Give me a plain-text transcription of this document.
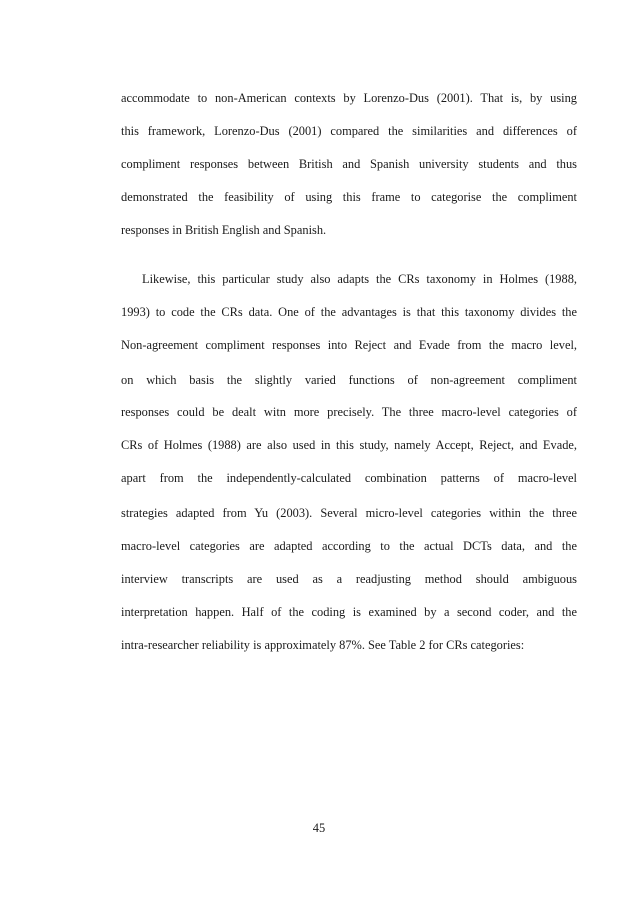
accommodate to non-American contexts by Lorenzo-Dus (2001). That is, by using
this framework, Lorenzo-Dus (2001) compared the similarities and differences of
compliment responses between British and Spanish university students and thus
demonstrated the feasibility of using this frame to categorise the compliment
responses in British English and Spanish.
Likewise, this particular study also adapts the CRs taxonomy in Holmes (1988,
1993) to code the CRs data. One of the advantages is that this taxonomy divides the
Non-agreement compliment responses into Reject and Evade from the macro level,
on which basis the slightly varied functions of non-agreement compliment
responses could be dealt witn more precisely. The three macro-level categories of
CRs of Holmes (1988) are also used in this study, namely Accept, Reject, and Evade,
apart from the independently-calculated combination patterns of macro-level
strategies adapted from Yu (2003). Several micro-level categories within the three
macro-level categories are adapted according to the actual DCTs data, and the
interview transcripts are used as a readjusting method should ambiguous
interpretation happen. Half of the coding is examined by a second coder, and the
intra-researcher reliability is approximately 87%. See Table 2 for CRs categories:
45
